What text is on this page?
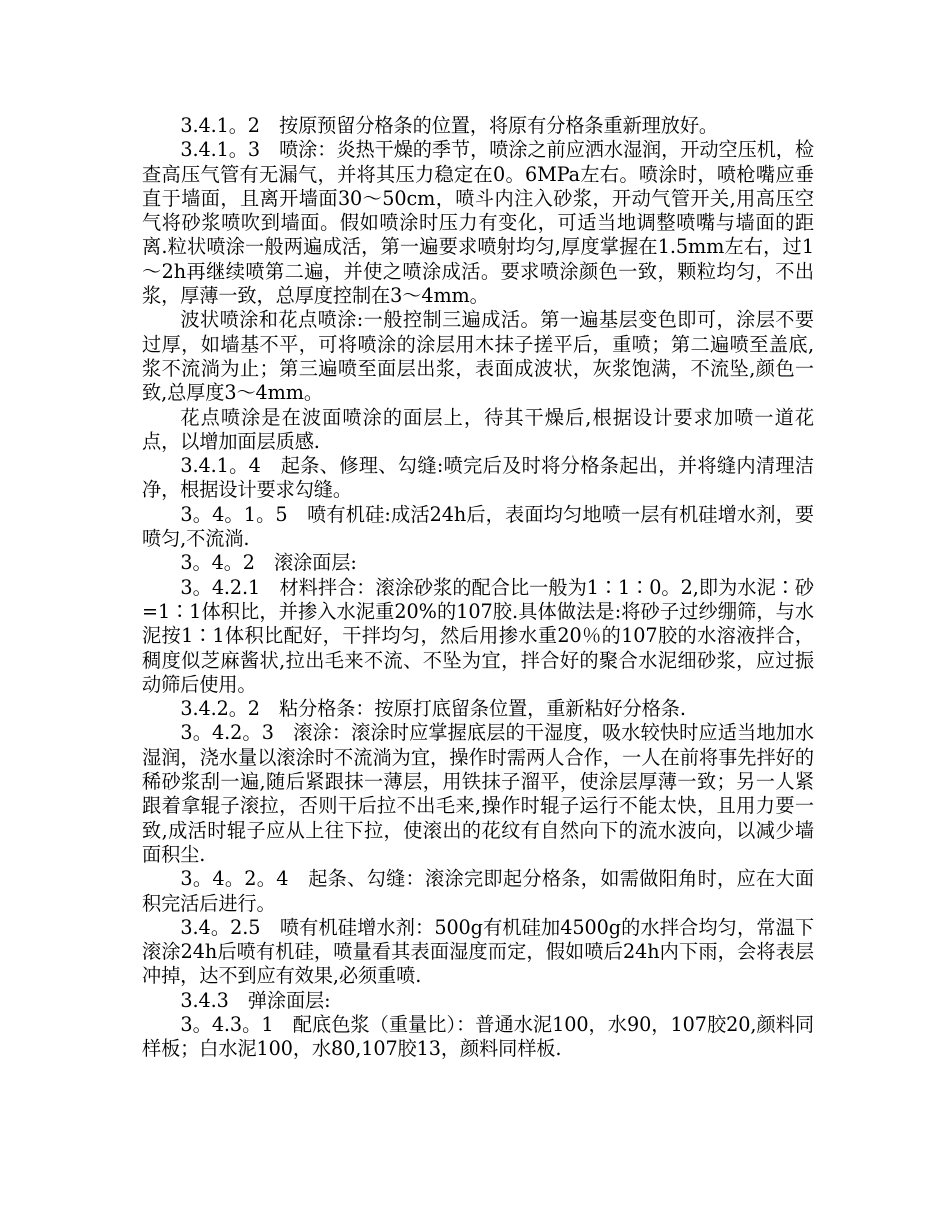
3.4.1。2　按原预留分格条的位置，将原有分格条重新理放好。

3.4.1。3　喷涂：炎热干燥的季节，喷涂之前应洒水湿润，开动空压机，检查高压气管有无漏气，并将其压力稳定在0。6MPa左右。喷涂时，喷枪嘴应垂直于墙面，且离开墙面30～50cm，喷斗内注入砂浆，开动气管开关,用高压空气将砂浆喷吹到墙面。假如喷涂时压力有变化，可适当地调整喷嘴与墙面的距离.粒状喷涂一般两遍成活，第一遍要求喷射均匀,厚度掌握在1.5mm左右，过1～2h再继续喷第二遍，并使之喷涂成活。要求喷涂颜色一致，颗粒均匀，不出浆，厚薄一致，总厚度控制在3～4mm。

波状喷涂和花点喷涂:一般控制三遍成活。第一遍基层变色即可，涂层不要过厚，如墙基不平，可将喷涂的涂层用木抹子搓平后，重喷；第二遍喷至盖底,浆不流淌为止；第三遍喷至面层出浆，表面成波状，灰浆饱满，不流坠,颜色一致,总厚度3～4mm。

花点喷涂是在波面喷涂的面层上，待其干燥后,根据设计要求加喷一道花点，以增加面层质感.

3.4.1。4　起条、修理、勾缝:喷完后及时将分格条起出，并将缝内清理洁净，根据设计要求勾缝。

3。4。1。5　喷有机硅:成活24h后，表面均匀地喷一层有机硅增水剂，要喷匀,不流淌.

3。4。2　滚涂面层:

3。4.2.1　材料拌合：滚涂砂浆的配合比一般为1∶1∶0。2,即为水泥∶砂=1∶1体积比，并掺入水泥重20%的107胶.具体做法是:将砂子过纱绷筛，与水泥按1∶1体积比配好，干拌均匀，然后用掺水重20％的107胶的水溶液拌合，稠度似芝麻酱状,拉出毛来不流、不坠为宜，拌合好的聚合水泥细砂浆，应过振动筛后使用。

3.4.2。2　粘分格条：按原打底留条位置，重新粘好分格条.

3。4.2。3　滚涂：滚涂时应掌握底层的干湿度，吸水较快时应适当地加水湿润，浇水量以滚涂时不流淌为宜，操作时需两人合作，一人在前将事先拌好的稀砂浆刮一遍,随后紧跟抹一薄层，用铁抹子溜平，使涂层厚薄一致；另一人紧跟着拿辊子滚拉，否则干后拉不出毛来,操作时辊子运行不能太快，且用力要一致,成活时辊子应从上往下拉，使滚出的花纹有自然向下的流水波向，以减少墙面积尘.

3。4。2。4　起条、勾缝：滚涂完即起分格条，如需做阳角时，应在大面积完活后进行。

3.4。2.5　喷有机硅增水剂：500g有机硅加4500g的水拌合均匀，常温下滚涂24h后喷有机硅，喷量看其表面湿度而定，假如喷后24h内下雨，会将表层冲掉，达不到应有效果,必须重喷.

3.4.3　弹涂面层:

3。4.3。1　配底色浆（重量比）：普通水泥100，水90，107胶20,颜料同样板；白水泥100，水80,107胶13，颜料同样板.
